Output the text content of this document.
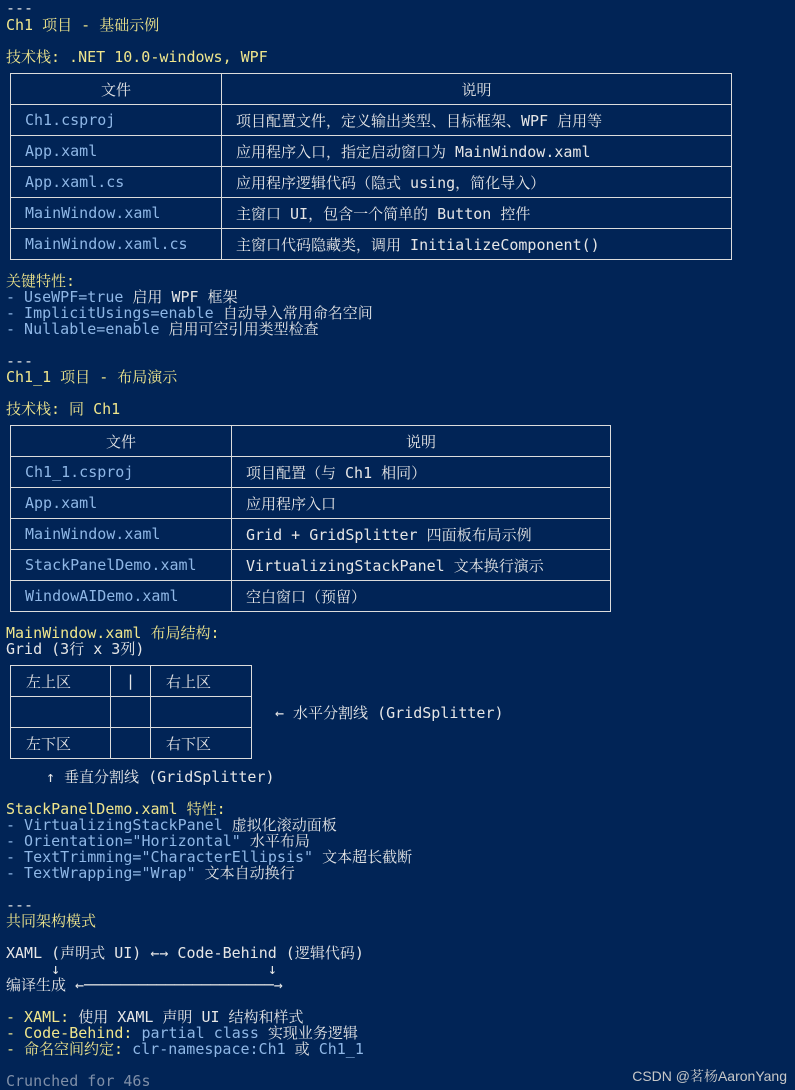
---
Ch1 项目 - 基础示例
技术栈: .NET 10.0-windows, WPF
文件	说明
Ch1.csproj	项目配置文件，定义输出类型、目标框架、WPF 启用等
App.xaml	应用程序入口，指定启动窗口为 MainWindow.xaml
App.xaml.cs	应用程序逻辑代码（隐式 using，简化导入）
MainWindow.xaml	主窗口 UI，包含一个简单的 Button 控件
MainWindow.xaml.cs	主窗口代码隐藏类，调用 InitializeComponent()
关键特性:
- UseWPF=true 启用 WPF 框架
- ImplicitUsings=enable 自动导入常用命名空间
- Nullable=enable 启用可空引用类型检查
---
Ch1_1 项目 - 布局演示
技术栈: 同 Ch1
文件	说明
Ch1_1.csproj	项目配置（与 Ch1 相同）
App.xaml	应用程序入口
MainWindow.xaml	Grid + GridSplitter 四面板布局示例
StackPanelDemo.xaml	VirtualizingStackPanel 文本换行演示
WindowAIDemo.xaml	空白窗口（预留）
MainWindow.xaml 布局结构:
Grid (3行 x 3列)
左上区	|	右上区

左下区		右下区
← 水平分割线 (GridSplitter)
↑ 垂直分割线 (GridSplitter)
StackPanelDemo.xaml 特性:
- VirtualizingStackPanel 虚拟化滚动面板
- Orientation="Horizontal" 水平布局
- TextTrimming="CharacterEllipsis" 文本超长截断
- TextWrapping="Wrap" 文本自动换行
---
共同架构模式
XAML (声明式 UI) ←→ Code-Behind (逻辑代码)
↓                       ↓
编译生成 ←─────────────────────→
- XAML: 使用 XAML 声明 UI 结构和样式
- Code-Behind: partial class 实现业务逻辑
- 命名空间约定: clr-namespace:Ch1 或 Ch1_1
Crunched for 46s	CSDN @茗杨AaronYang
